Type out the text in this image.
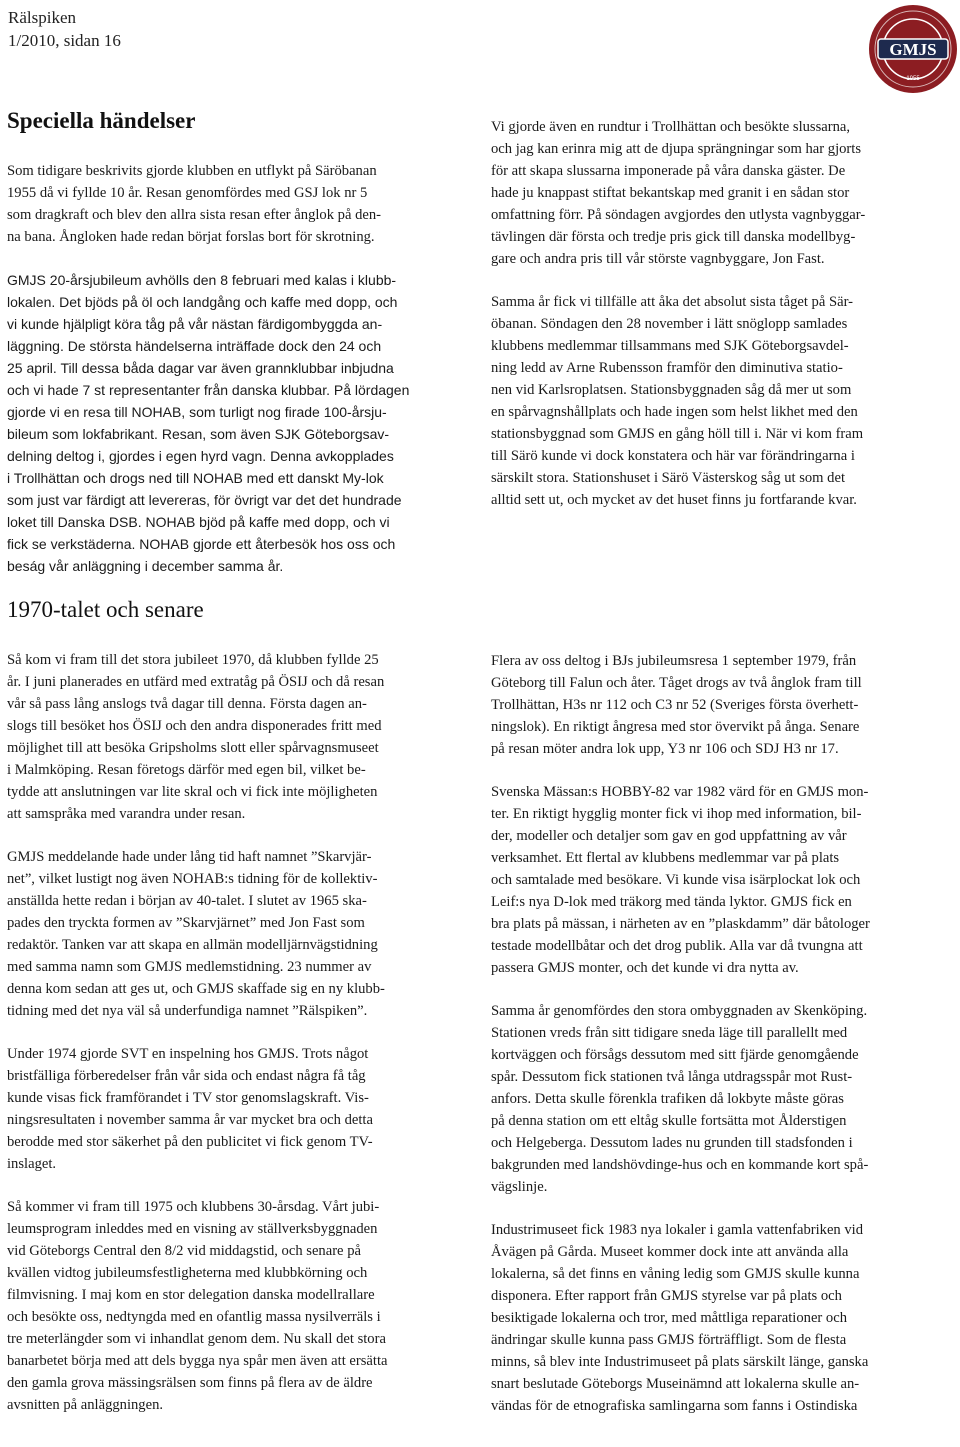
Rälspiken
1/2010, sidan 16	GMJS
1955
Speciella händelser

Som tidigare beskrivits gjorde klubben en utflykt på Säröbanan
1955 då vi fyllde 10 år. Resan genomfördes med GSJ lok nr 5
som dragkraft och blev den allra sista resan efter ånglok på den-
na bana. Ångloken hade redan börjat forslas bort för skrotning.

GMJS 20-årsjubileum avhölls den 8 februari med kalas i klubb-
lokalen. Det bjöds på öl och landgång och kaffe med dopp, och
vi kunde hjälpligt köra tåg på vår nästan färdigombyggda an-
läggning. De största händelserna inträffade dock den 24 och
25 april. Till dessa båda dagar var även grannklubbar inbjudna
och vi hade 7 st representanter från danska klubbar. På lördagen
gjorde vi en resa till NOHAB, som turligt nog firade 100-årsju-
bileum som lokfabrikant. Resan, som även SJK Göteborgsav-
delning deltog i, gjordes i egen hyrd vagn. Denna avkopplades
i Trollhättan och drogs ned till NOHAB med ett danskt My-lok
som just var färdigt att levereras, för övrigt var det det hundrade
loket till Danska DSB. NOHAB bjöd på kaffe med dopp, och vi
fick se verkstäderna. NOHAB gjorde ett återbesök hos oss och
beság vår anläggning i december samma år.

Vi gjorde även en rundtur i Trollhättan och besökte slussarna,
och jag kan erinra mig att de djupa sprängningar som har gjorts
för att skapa slussarna imponerade på våra danska gäster. De
hade ju knappast stiftat bekantskap med granit i en sådan stor
omfattning förr. På söndagen avgjordes den utlysta vagnbyggar-
tävlingen där första och tredje pris gick till danska modellbyg-
gare och andra pris till vår störste vagnbyggare, Jon Fast.

Samma år fick vi tillfälle att åka det absolut sista tåget på Sär-
öbanan. Söndagen den 28 november i lätt snöglopp samlades
klubbens medlemmar tillsammans med SJK Göteborgsavdel-
ning ledd av Arne Rubensson framför den diminutiva statio-
nen vid Karlsroplatsen. Stationsbyggnaden såg då mer ut som
en spårvagnshållplats och hade ingen som helst likhet med den
stationsbyggnad som GMJS en gång höll till i. När vi kom fram
till Särö kunde vi dock konstatera och här var förändringarna i
särskilt stora. Stationshuset i Särö Västerskog såg ut som det
alltid sett ut, och mycket av det huset finns ju fortfarande kvar.

1970-talet och senare

Så kom vi fram till det stora jubileet 1970, då klubben fyllde 25
år. I juni planerades en utfärd med extratåg på ÖSIJ och då resan
vår så pass lång anslogs två dagar till denna. Första dagen an-
slogs till besöket hos ÖSIJ och den andra disponerades fritt med
möjlighet till att besöka Gripsholms slott eller spårvagnsmuseet
i Malmköping. Resan företogs därför med egen bil, vilket be-
tydde att anslutningen var lite skral och vi fick inte möjligheten
att samspråka med varandra under resan.

GMJS meddelande hade under lång tid haft namnet ”Skarvjär-
net”, vilket lustigt nog även NOHAB:s tidning för de kollektiv-
anställda hette redan i början av 40-talet. I slutet av 1965 ska-
pades den tryckta formen av ”Skarvjärnet” med Jon Fast som
redaktör. Tanken var att skapa en allmän modelljärnvägstidning
med samma namn som GMJS medlemstidning. 23 nummer av
denna kom sedan att ges ut, och GMJS skaffade sig en ny klubb-
tidning med det nya väl så underfundiga namnet ”Rälspiken”.

Under 1974 gjorde SVT en inspelning hos GMJS. Trots något
bristfälliga förberedelser från vår sida och endast några få tåg
kunde visas fick framförandet i TV stor genomslagskraft. Vis-
ningsresultaten i november samma år var mycket bra och detta
berodde med stor säkerhet på den publicitet vi fick genom TV-
inslaget.

Så kommer vi fram till 1975 och klubbens 30-årsdag. Vårt jubi-
leumsprogram inleddes med en visning av ställverksbyggnaden
vid Göteborgs Central den 8/2 vid middagstid, och senare på
kvällen vidtog jubileumsfestligheterna med klubbkörning och
filmvisning. I maj kom en stor delegation danska modellrallare
och besökte oss, nedtyngda med en ofantlig massa nysilverräls i
tre meterlängder som vi inhandlat genom dem. Nu skall det stora
banarbetet börja med att dels bygga nya spår men även att ersätta
den gamla grova mässingsrälsen som finns på flera av de äldre
avsnitten på anläggningen.

Flera av oss deltog i BJs jubileumsresa 1 september 1979, från
Göteborg till Falun och åter. Tåget drogs av två ånglok fram till
Trollhättan, H3s nr 112 och C3 nr 52 (Sveriges första överhett-
ningslok). En riktigt ångresa med stor övervikt på ånga. Senare
på resan möter andra lok upp, Y3 nr 106 och SDJ H3 nr 17.

Svenska Mässan:s HOBBY-82 var 1982 värd för en GMJS mon-
ter. En riktigt hygglig monter fick vi ihop med information, bil-
der, modeller och detaljer som gav en god uppfattning av vår
verksamhet. Ett flertal av klubbens medlemmar var på plats
och samtalade med besökare. Vi kunde visa isärplockat lok och
Leif:s nya D-lok med träkorg med tända lyktor. GMJS fick en
bra plats på mässan, i närheten av en ”plaskdamm” där båtologer
testade modellbåtar och det drog publik. Alla var då tvungna att
passera GMJS monter, och det kunde vi dra nytta av.

Samma år genomfördes den stora ombyggnaden av Skenköping.
Stationen vreds från sitt tidigare sneda läge till parallellt med
kortväggen och försågs dessutom med sitt fjärde genomgående
spår. Dessutom fick stationen två långa utdragsspår mot Rust-
anfors. Detta skulle förenkla trafiken då lokbyte måste göras
på denna station om ett eltåg skulle fortsätta mot Ålderstigen
och Helgeberga. Dessutom lades nu grunden till stadsfonden i
bakgrunden med landshövdinge-hus och en kommande kort spå-
vägslinje.

Industrimuseet fick 1983 nya lokaler i gamla vattenfabriken vid
Åvägen på Gårda. Museet kommer dock inte att använda alla
lokalerna, så det finns en våning ledig som GMJS skulle kunna
disponera. Efter rapport från GMJS styrelse var på plats och
besiktigade lokalerna och tror, med måttliga reparationer och
ändringar skulle kunna pass GMJS förträffligt. Som de flesta
minns, så blev inte Industrimuseet på plats särskilt länge, ganska
snart beslutade Göteborgs Museinämnd att lokalerna skulle an-
vändas för de etnografiska samlingarna som fanns i Ostindiska
